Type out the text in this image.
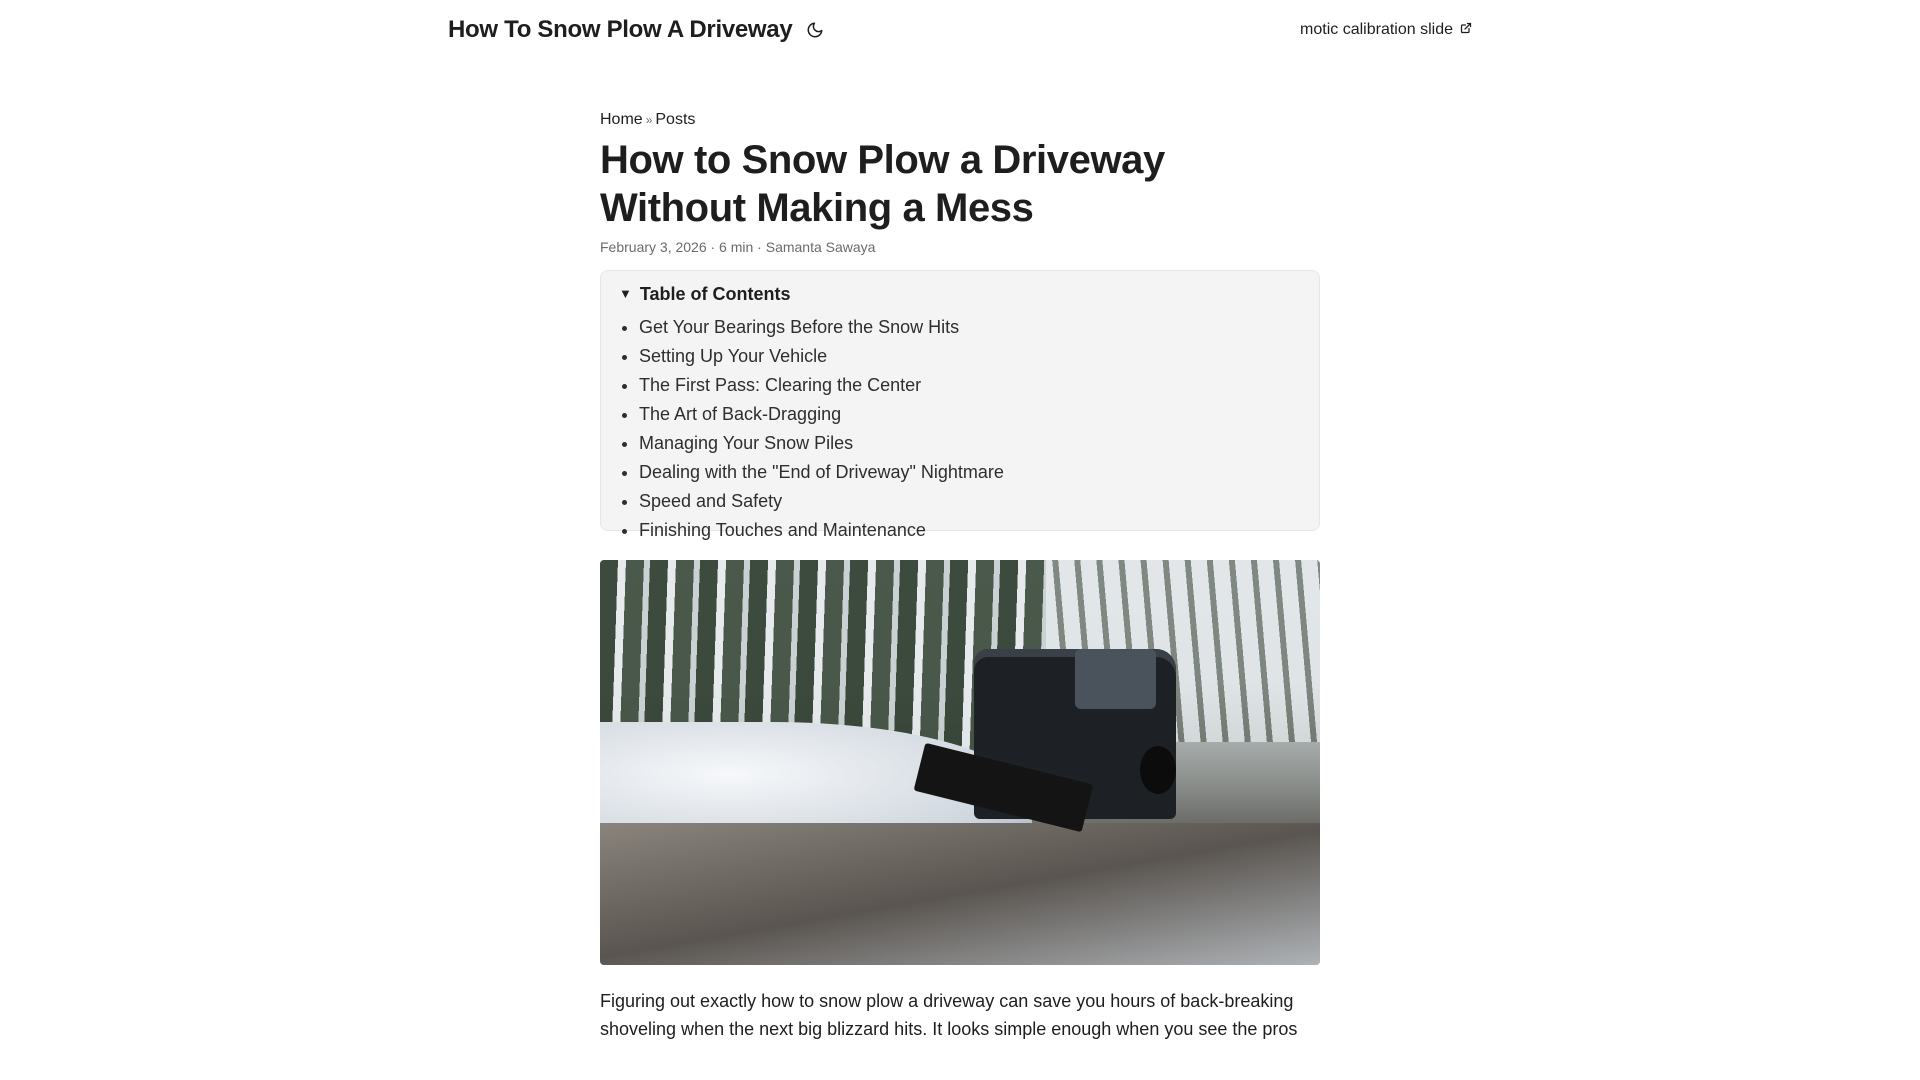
How To Snow Plow A Driveway	motic calibration slide
Home » Posts
How to Snow Plow a Driveway Without Making a Mess
February 3, 2026 · 6 min · Samanta Sawaya
▼ Table of Contents
• Get Your Bearings Before the Snow Hits
• Setting Up Your Vehicle
• The First Pass: Clearing the Center
• The Art of Back-Dragging
• Managing Your Snow Piles
• Dealing with the "End of Driveway" Nightmare
• Speed and Safety
• Finishing Touches and Maintenance

Figuring out exactly how to snow plow a driveway can save you hours of back-breaking shoveling when the next big blizzard hits. It looks simple enough when you see the pros
